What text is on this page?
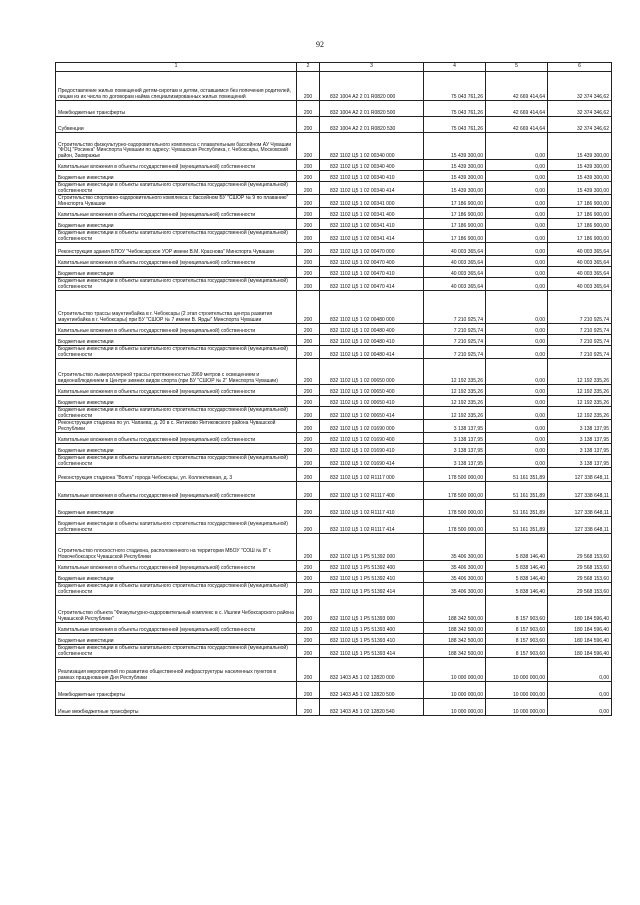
92
1	2	3	4	5	6
Предоставление жилых помещений детям-сиротам и детям, оставшимся без попечения родителей, лицам из их числа по договорам найма специализированных жилых помещений	200	832 1004 А2 2 01 R0820 000	75 043 761,26	42 669 414,64	32 374 346,62
Межбюджетные трансферты	200	832 1004 А2 2 01 R0820 500	75 043 761,26	42 669 414,64	32 374 346,62
Субвенции	200	832 1004 А2 2 01 R0820 530	75 043 761,26	42 669 414,64	32 374 346,62
Строительство физкультурно-оздоровительного комплекса с плавательным бассейном АУ Чувашии "ФОЦ "Росинка" Минспорта Чувашии по адресу: Чувашская Республика, г. Чебоксары, Московский район, Заовражье	200	832 1102 Ц5 1 02 00340 000	15 439 300,00	0,00	15 439 300,00
Капитальные вложения в объекты государственной (муниципальной) собственности	200	832 1102 Ц5 1 02 00340 400	15 439 300,00	0,00	15 439 300,00
Бюджетные инвестиции	200	832 1102 Ц5 1 02 00340 410	15 439 300,00	0,00	15 439 300,00
Бюджетные инвестиции в объекты капитального строительства государственной (муниципальной) собственности	200	832 1102 Ц5 1 02 00340 414	15 439 300,00	0,00	15 439 300,00
Строительство спортивно-оздоровительного комплекса с бассейном БУ "СШОР № 9 по плаванию" Минспорта Чувашии	200	832 1102 Ц5 1 02 00341 000	17 186 900,00	0,00	17 186 900,00
Капитальные вложения в объекты государственной (муниципальной) собственности	200	832 1102 Ц5 1 02 00341 400	17 186 900,00	0,00	17 186 900,00
Бюджетные инвестиции	200	832 1102 Ц5 1 02 00341 410	17 186 900,00	0,00	17 186 900,00
Бюджетные инвестиции в объекты капитального строительства государственной (муниципальной) собственности	200	832 1102 Ц5 1 02 00341 414	17 186 900,00	0,00	17 186 900,00
Реконструкция здания БПОУ "Чебоксарское УОР имени В.М. Краснова" Минспорта Чувашии	200	832 1102 Ц5 1 02 00470 000	40 003 365,64	0,00	40 003 365,64
Капитальные вложения в объекты государственной (муниципальной) собственности	200	832 1102 Ц5 1 02 00470 400	40 003 365,64	0,00	40 003 365,64
Бюджетные инвестиции	200	832 1102 Ц5 1 02 00470 410	40 003 365,64	0,00	40 003 365,64
Бюджетные инвестиции в объекты капитального строительства государственной (муниципальной) собственности	200	832 1102 Ц5 1 02 00470 414	40 003 365,64	0,00	40 003 365,64
Строительство трассы маунтинбайка в г. Чебоксары (2 этап строительства центра развития маунтинбайка в г. Чебоксары) при БУ "СШОР № 7 имени В. Ярды" Минспорта Чувашии	200	832 1102 Ц5 1 02 00480 000	7 210 925,74	0,00	7 210 925,74
Капитальные вложения в объекты государственной (муниципальной) собственности	200	832 1102 Ц5 1 02 00480 400	7 210 925,74	0,00	7 210 925,74
Бюджетные инвестиции	200	832 1102 Ц5 1 02 00480 410	7 210 925,74	0,00	7 210 925,74
Бюджетные инвестиции в объекты капитального строительства государственной (муниципальной) собственности	200	832 1102 Ц5 1 02 00480 414	7 210 925,74	0,00	7 210 925,74
Строительство лыжероллерной трассы протяженностью 3969 метров с освещением и видеонаблюдением в Центре зимних видов спорта (при БУ "СШОР № 2" Минспорта Чувашии)	200	832 1102 Ц5 1 02 00650 000	12 192 335,26	0,00	12 192 335,26
Капитальные вложения в объекты государственной (муниципальной) собственности	200	832 1102 Ц5 1 02 00650 400	12 192 335,26	0,00	12 192 335,26
Бюджетные инвестиции	200	832 1102 Ц5 1 02 00650 410	12 192 335,26	0,00	12 192 335,26
Бюджетные инвестиции в объекты капитального строительства государственной (муниципальной) собственности	200	832 1102 Ц5 1 02 00650 414	12 192 335,26	0,00	12 192 335,26
Реконструкция стадиона по ул. Чапаева, д. 20 в с. Янтиково Янтиковского района Чувашской Республики	200	832 1102 Ц5 1 02 01690 000	3 138 137,95	0,00	3 138 137,95
Капитальные вложения в объекты государственной (муниципальной) собственности	200	832 1102 Ц5 1 02 01690 400	3 138 137,95	0,00	3 138 137,95
Бюджетные инвестиции	200	832 1102 Ц5 1 02 01690 410	3 138 137,95	0,00	3 138 137,95
Бюджетные инвестиции в объекты капитального строительства государственной (муниципальной) собственности	200	832 1102 Ц5 1 02 01690 414	3 138 137,95	0,00	3 138 137,95
Реконструкция стадиона "Волга" города Чебоксары, ул. Коллективная, д. 3	200	832 1102 Ц5 1 02 R1117 000	178 500 000,00	51 161 351,89	127 338 648,11
Капитальные вложения в объекты государственной (муниципальной) собственности	200	832 1102 Ц5 1 02 R1117 400	178 500 000,00	51 161 351,89	127 338 648,11
Бюджетные инвестиции	200	832 1102 Ц5 1 02 R1117 410	178 500 000,00	51 161 351,89	127 338 648,11
Бюджетные инвестиции в объекты капитального строительства государственной (муниципальной) собственности	200	832 1102 Ц5 1 02 R1117 414	178 500 000,00	51 161 351,89	127 338 648,11
Строительство плоскостного стадиона, расположенного на территории МБОУ "СОШ № 8" г. Новочебоксарск Чувашской Республики	200	832 1102 Ц5 1 Р5 51392 000	35 406 300,00	5 838 146,40	29 568 153,60
Капитальные вложения в объекты государственной (муниципальной) собственности	200	832 1102 Ц5 1 Р5 51392 400	35 406 300,00	5 838 146,40	29 568 153,60
Бюджетные инвестиции	200	832 1102 Ц5 1 Р5 51392 410	35 406 300,00	5 838 146,40	29 568 153,60
Бюджетные инвестиции в объекты капитального строительства государственной (муниципальной) собственности	200	832 1102 Ц5 1 Р5 51392 414	35 406 300,00	5 838 146,40	29 568 153,60
Строительство объекта "Физкультурно-оздоровительный комплекс в с. Ишлеи Чебоксарского района Чувашской Республики"	200	832 1102 Ц5 1 Р5 51393 000	188 342 500,00	8 157 903,60	180 184 596,40
Капитальные вложения в объекты государственной (муниципальной) собственности	200	832 1102 Ц5 1 Р5 51393 400	188 342 500,00	8 157 903,60	180 184 596,40
Бюджетные инвестиции	200	832 1102 Ц5 1 Р5 51393 410	188 342 500,00	8 157 903,60	180 184 596,40
Бюджетные инвестиции в объекты капитального строительства государственной (муниципальной) собственности	200	832 1102 Ц5 1 Р5 51393 414	188 342 500,00	8 157 903,60	180 184 596,40
Реализация мероприятий по развитию общественной инфраструктуры населенных пунктов в рамках празднования Дня Республики	200	832 1403 А5 1 02 12820 000	10 000 000,00	10 000 000,00	0,00
Межбюджетные трансферты	200	832 1403 А5 1 02 12820 500	10 000 000,00	10 000 000,00	0,00
Иные межбюджетные трансферты	200	832 1403 А5 1 02 12820 540	10 000 000,00	10 000 000,00	0,00
